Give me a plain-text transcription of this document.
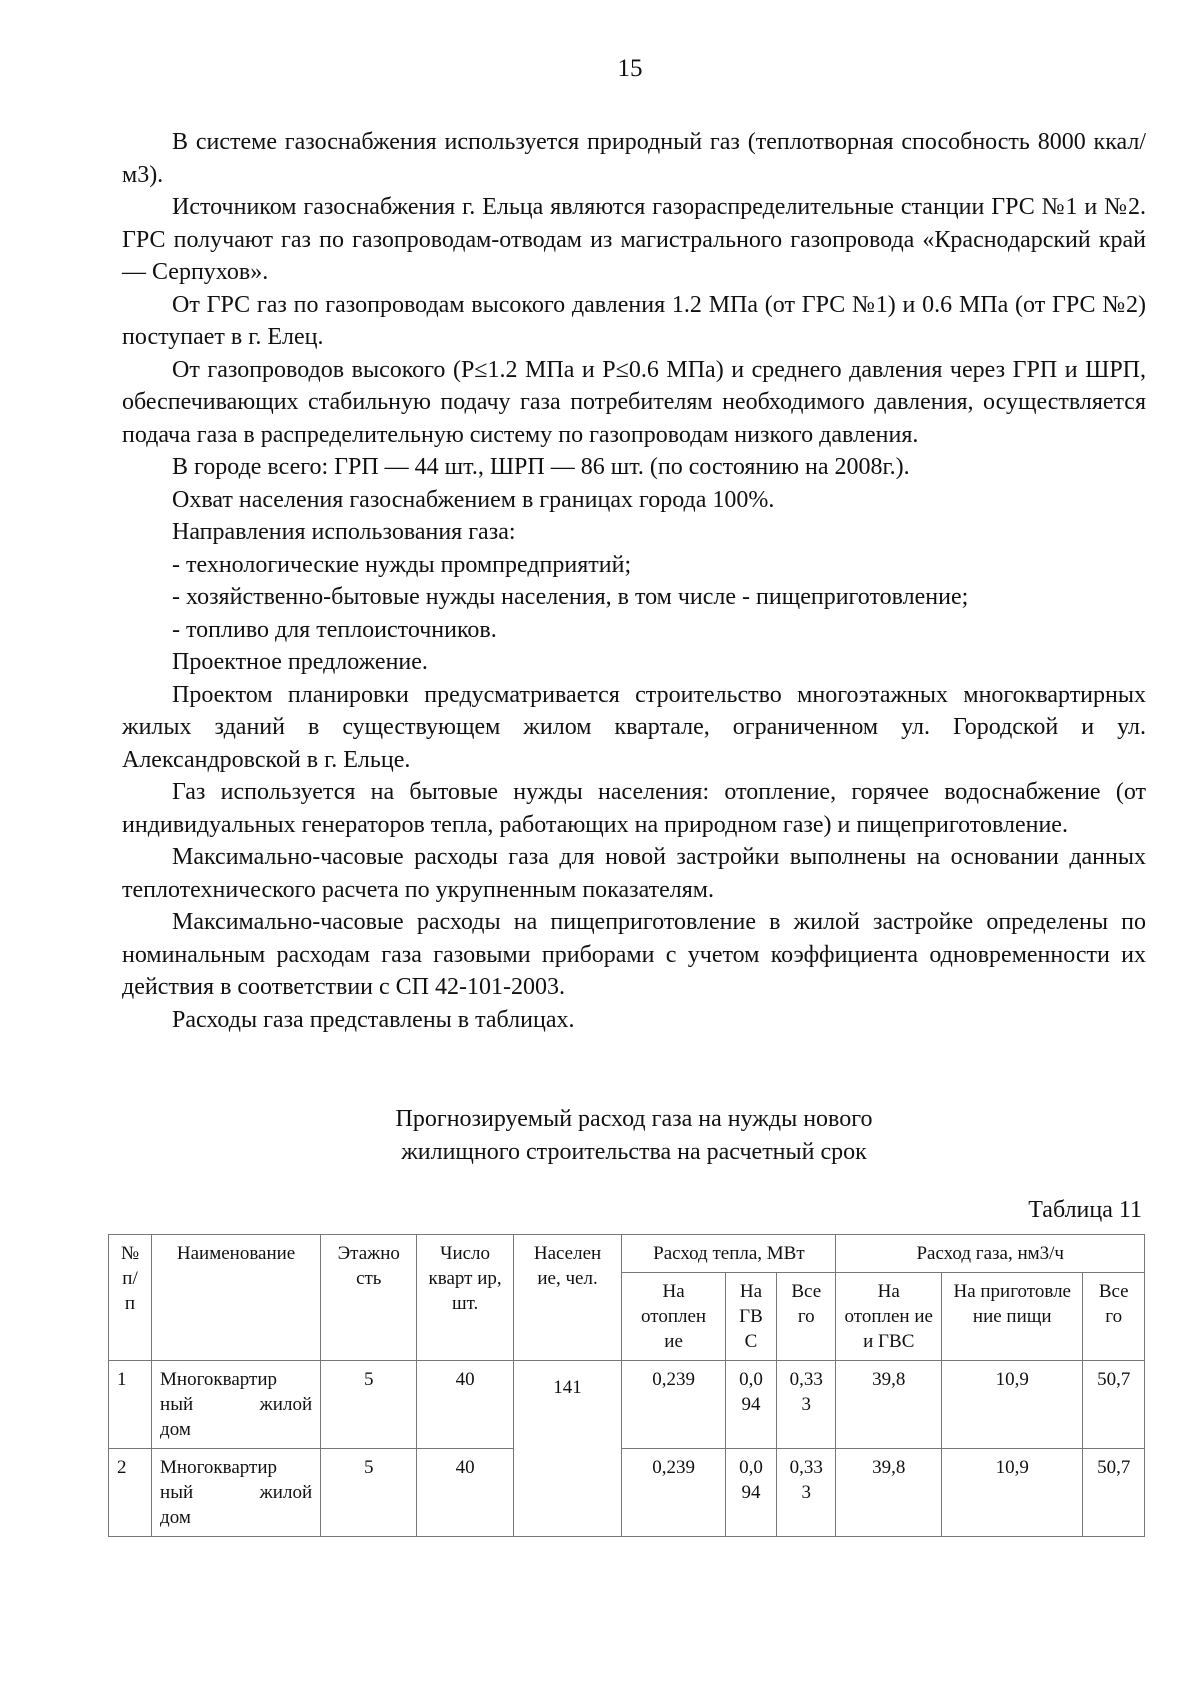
15

В системе газоснабжения используется природный газ (теплотворная способность 8000 ккал/м3).

Источником газоснабжения г. Ельца являются газораспределительные станции ГРС №1 и №2. ГРС получают газ по газопроводам-отводам из магистрального газопровода «Краснодарский край — Серпухов».

От ГРС газ по газопроводам высокого давления 1.2 МПа (от ГРС №1) и 0.6 МПа (от ГРС №2) поступает в г. Елец.

От газопроводов высокого (Р≤1.2 МПа и Р≤0.6 МПа) и среднего давления через ГРП и ШРП, обеспечивающих стабильную подачу газа потребителям необходимого давления, осуществляется подача газа в распределительную систему по газопроводам низкого давления.

В городе всего: ГРП — 44 шт., ШРП — 86 шт. (по состоянию на 2008г.).

Охват населения газоснабжением в границах города 100%.

Направления использования газа:

- технологические нужды промпредприятий;

- хозяйственно-бытовые нужды населения, в том числе - пищеприготовление;

- топливо для теплоисточников.

Проектное предложение.

Проектом планировки предусматривается строительство многоэтажных многоквартирных жилых зданий в существующем жилом квартале, ограниченном ул. Городской и ул. Александровской в г. Ельце.

Газ используется на бытовые нужды населения: отопление, горячее водоснабжение (от индивидуальных генераторов тепла, работающих на природном газе) и пищеприготовление.

Максимально-часовые расходы газа для новой застройки выполнены на основании данных теплотехнического расчета по укрупненным показателям.

Максимально-часовые расходы на пищеприготовление в жилой застройке определены по номинальным расходам газа газовыми приборами с учетом коэффициента одновременности их действия в соответствии с СП 42-101-2003.

Расходы газа представлены в таблицах.

Прогнозируемый расход газа на нужды нового
жилищного строительства на расчетный срок
Таблица 11
№ п/ п	Наименование	Этажно сть	Число кварт ир, шт.	Населен ие, чел.	Расход тепла, МВт			Расход газа, нм3/ч		
					На отоплен ие	На ГВ С	Все го	На отоплен ие и ГВС	На приготовле ние пищи	Все го
1	Многоквартир
ный жилой
дом	5	40	141	0,239	0,0 94	0,33 3	39,8	10,9	50,7
2	Многоквартир
ный жилой
дом	5	40		0,239	0,0 94	0,33 3	39,8	10,9	50,7
